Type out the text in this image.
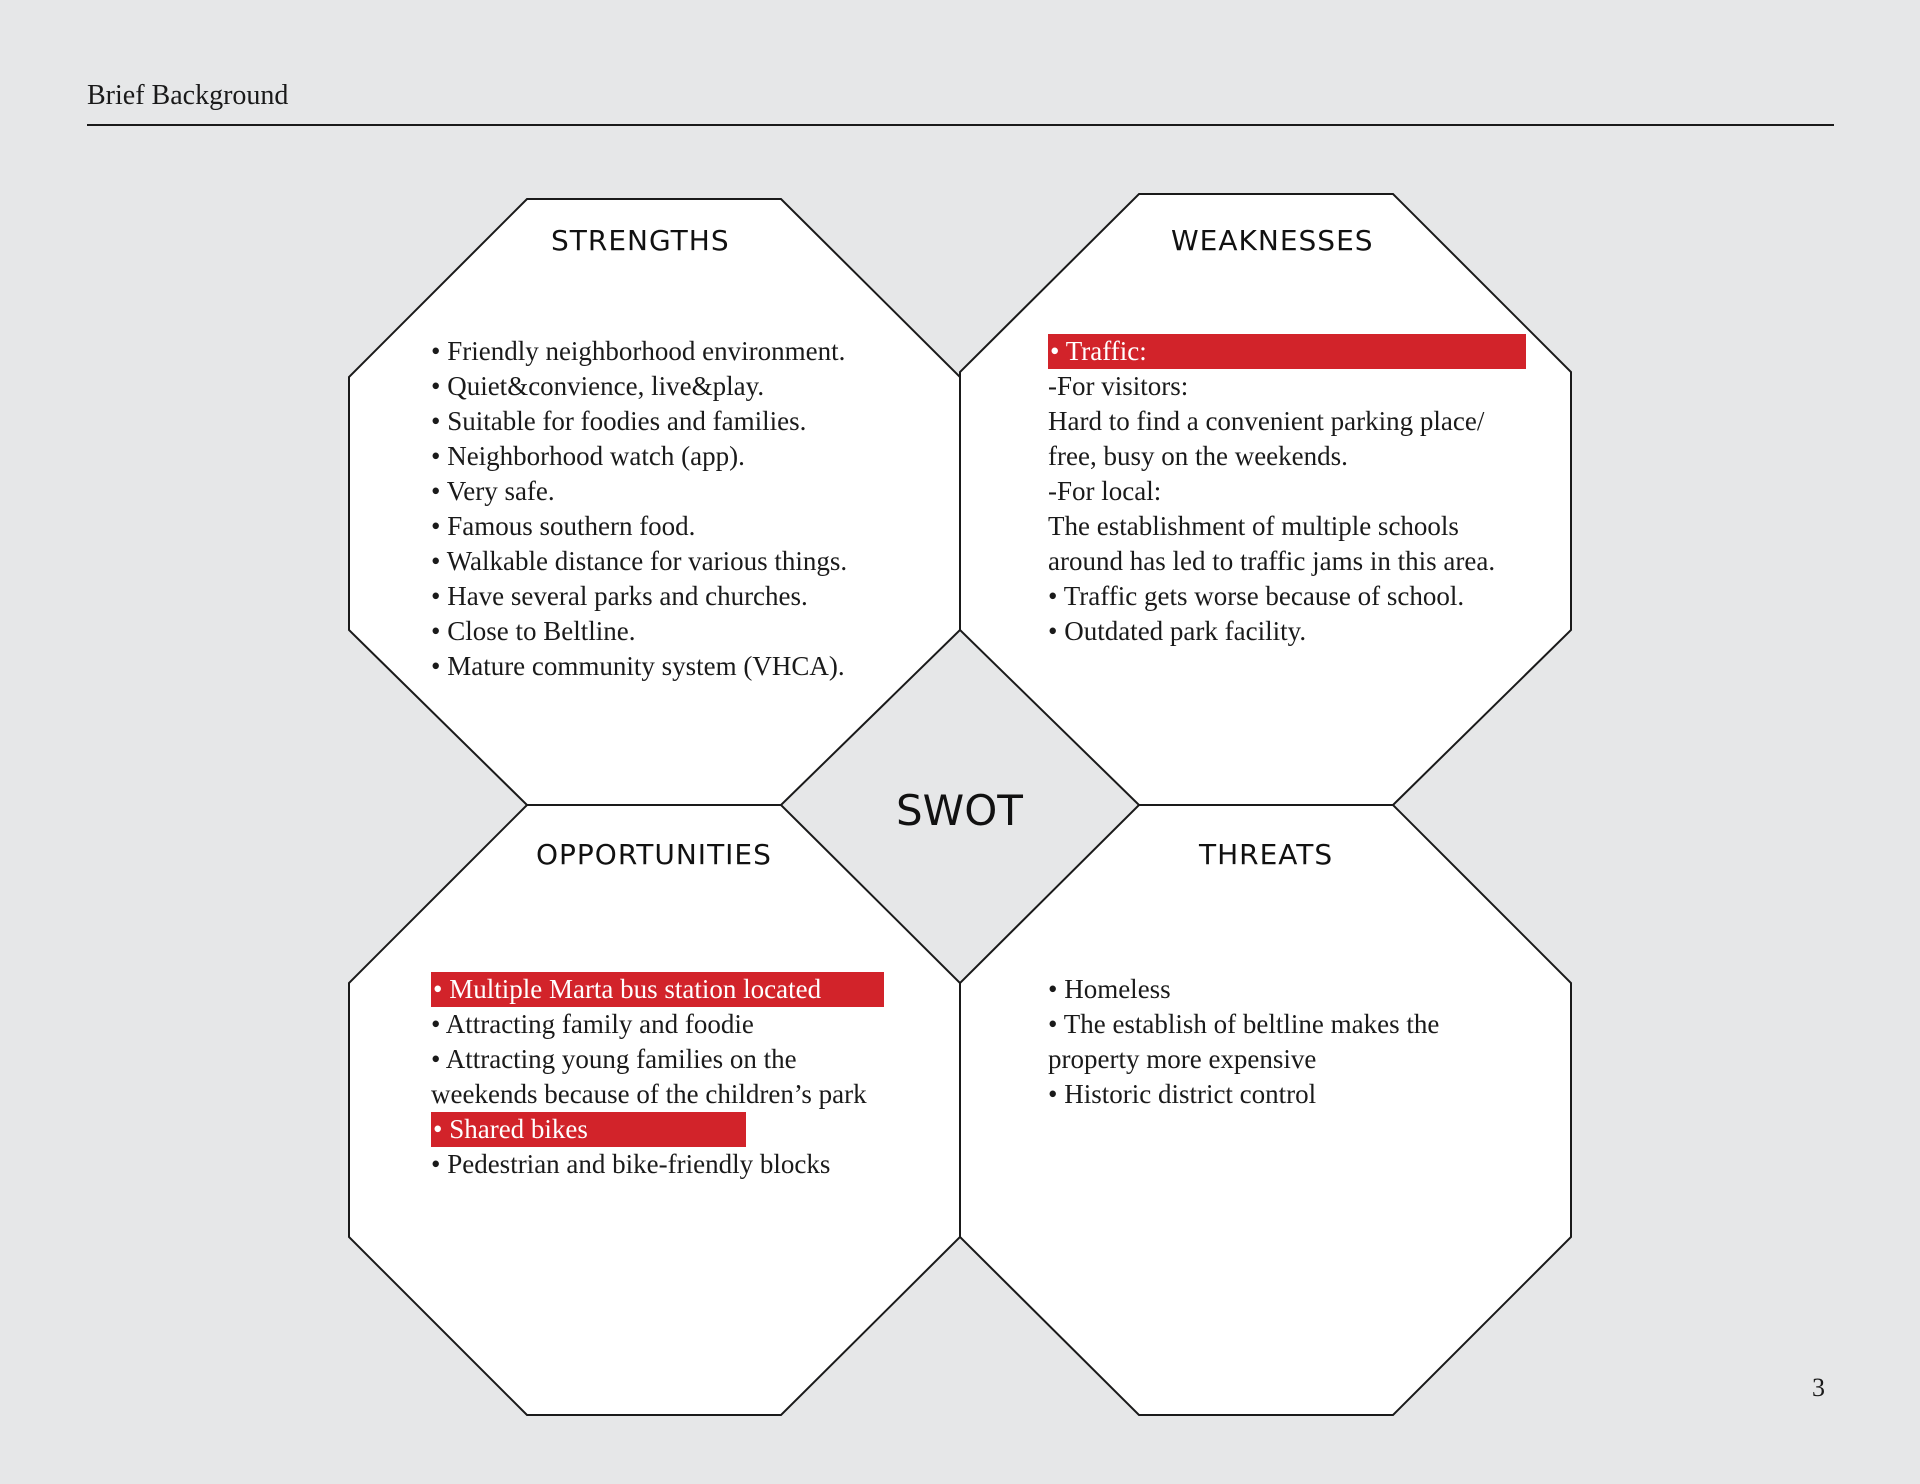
Brief Background
STRENGTHS	WEAKNESSES
OPPORTUNITIES	THREATS
SWOT
• Friendly neighborhood environment.
• Quiet&convience, live&play.
• Suitable for foodies and families.
• Neighborhood watch (app).
• Very safe.
• Famous southern food.
• Walkable distance for various things.
• Have several parks and churches.
• Close to Beltline.
• Mature community system (VHCA).
• Traffic:
-For visitors:
Hard to find a convenient parking place/
free, busy on the weekends.
-For local:
The establishment of multiple schools
around has led to traffic jams in this area.
• Traffic gets worse because of school.
• Outdated park facility.
• Multiple Marta bus station located
• Attracting family and foodie
• Attracting young families on the
weekends because of the children’s park
• Shared bikes
• Pedestrian and bike-friendly blocks
• Homeless
• The establish of beltline makes the
property more expensive
• Historic district control
3
